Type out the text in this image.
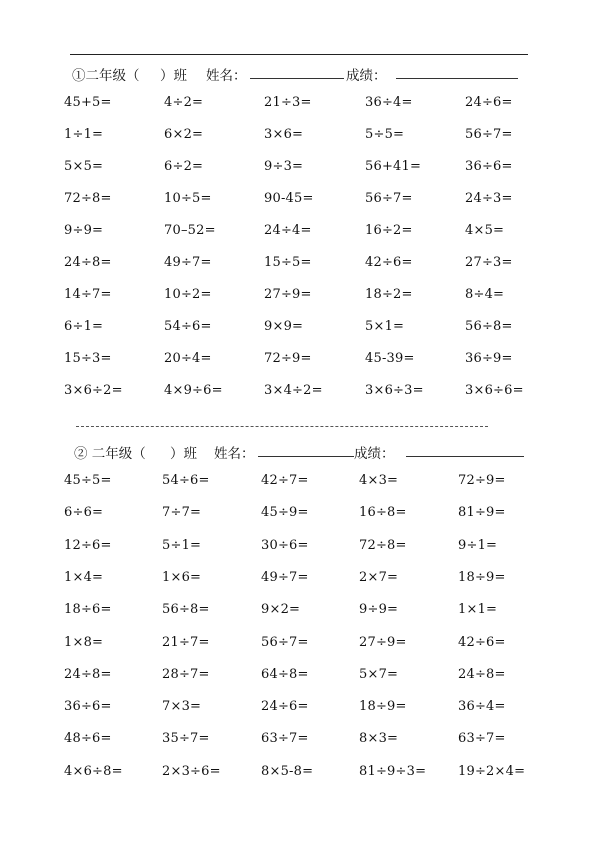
①二年级（ ）班 姓名：	成绩：
45+5=	4÷2=	21÷3=	36÷4=	24÷6=
1÷1=	6×2=	3×6=	5÷5=	56÷7=
5×5=	6÷2=	9÷3=	56+41=	36÷6=
72÷8=	10÷5=	90-45=	56÷7=	24÷3=
9÷9=	70–52=	24÷4=	16÷2=	4×5=
24÷8=	49÷7=	15÷5=	42÷6=	27÷3=
14÷7=	10÷2=	27÷9=	18÷2=	8÷4=
6÷1=	54÷6=	9×9=	5×1=	56÷8=
15÷3=	20÷4=	72÷9=	45-39=	36÷9=
3×6÷2=	4×9÷6=	3×4÷2=	3×6÷3=	3×6÷6=
② 二年级（ ）班 姓名：	成绩：
45÷5=	54÷6=	42÷7=	4×3=	72÷9=
6÷6=	7÷7=	45÷9=	16÷8=	81÷9=
12÷6=	5÷1=	30÷6=	72÷8=	9÷1=
1×4=	1×6=	49÷7=	2×7=	18÷9=
18÷6=	56÷8=	9×2=	9÷9=	1×1=
1×8=	21÷7=	56÷7=	27÷9=	42÷6=
24÷8=	28÷7=	64÷8=	5×7=	24÷8=
36÷6=	7×3=	24÷6=	18÷9=	36÷4=
48÷6=	35÷7=	63÷7=	8×3=	63÷7=
4×6÷8=	2×3÷6=	8×5-8=	81÷9÷3= 19÷2×4=
